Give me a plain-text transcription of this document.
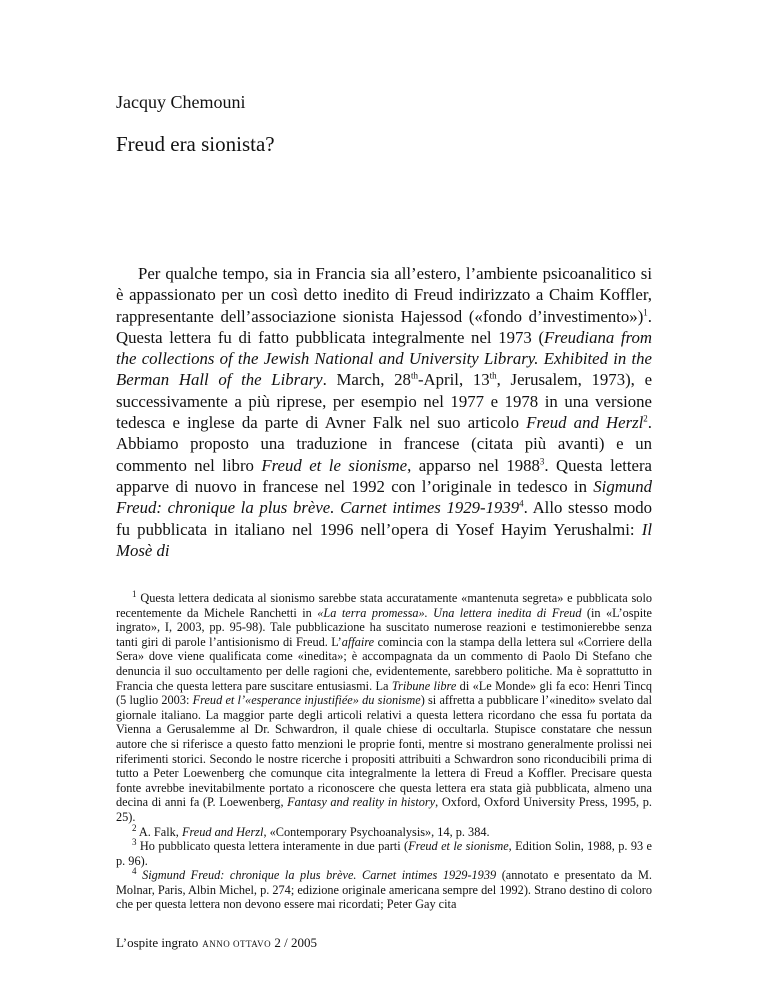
Jacquy Chemouni
Freud era sionista?

Per qualche tempo, sia in Francia sia all’estero, l’ambiente psicoanalitico si è appassionato per un così detto inedito di Freud indirizzato a Chaim Koffler, rappresentante dell’associazione sionista Hajessod («fondo d’investimento»)$^1$. Questa lettera fu di fatto pubblicata integralmente nel 1973 (Freudiana from the collections of the Jewish National and University Library. Exhibited in the Berman Hall of the Library. March, 28th-April, 13th, Jerusalem, 1973), e successivamente a più riprese, per esempio nel 1977 e 1978 in una versione tedesca e inglese da parte di Avner Falk nel suo articolo Freud and Herzl$^2$. Abbiamo proposto una traduzione in francese (citata più avanti) e un commento nel libro Freud et le sionisme, apparso nel 1988$^3$. Questa lettera apparve di nuovo in francese nel 1992 con l’originale in tedesco in Sigmund Freud: chronique la plus brève. Carnet intimes 1929-1939$^4$. Allo stesso modo fu pubblicata in italiano nel 1996 nell’opera di Yosef Hayim Yerushalmi: Il Mosè di

$^1$ Questa lettera dedicata al sionismo sarebbe stata accuratamente «mantenuta segreta» e pubblicata solo recentemente da Michele Ranchetti in «La terra promessa». Una lettera inedita di Freud (in «L’ospite ingrato», I, 2003, pp. 95-98). Tale pubblicazione ha suscitato numerose reazioni e testimonierebbe senza tanti giri di parole l’antisionismo di Freud. L’affaire comincia con la stampa della lettera sul «Corriere della Sera» dove viene qualificata come «inedita»; è accompagnata da un commento di Paolo Di Stefano che denuncia il suo occultamento per delle ragioni che, evidentemente, sarebbero politiche. Ma è soprattutto in Francia che questa lettera pare suscitare entusiasmi. La Tribune libre di «Le Monde» gli fa eco: Henri Tincq (5 luglio 2003: Freud et l’«esperance injustifiée» du sionisme) si affretta a pubblicare l’«inedito» svelato dal giornale italiano. La maggior parte degli articoli relativi a questa lettera ricordano che essa fu portata da Vienna a Gerusalemme al Dr. Schwardron, il quale chiese di occultarla. Stupisce constatare che nessun autore che si riferisce a questo fatto menzioni le proprie fonti, mentre si mostrano generalmente prolissi nei riferimenti storici. Secondo le nostre ricerche i propositi attribuiti a Schwardron sono riconducibili prima di tutto a Peter Loewenberg che comunque cita integralmente la lettera di Freud a Koffler. Precisare questa fonte avrebbe inevitabilmente portato a riconoscere che questa lettera era stata già pubblicata, almeno una decina di anni fa (P. Loewenberg, Fantasy and reality in history, Oxford, Oxford University Press, 1995, p. 25).

$^2$ A. Falk, Freud and Herzl, «Contemporary Psychoanalysis», 14, p. 384.

$^3$ Ho pubblicato questa lettera interamente in due parti (Freud et le sionisme, Edition Solin, 1988, p. 93 e p. 96).

$^4$ Sigmund Freud: chronique la plus brève. Carnet intimes 1929-1939 (annotato e presentato da M. Molnar, Paris, Albin Michel, p. 274; edizione originale americana sempre del 1992). Strano destino di coloro che per questa lettera non devono essere mai ricordati; Peter Gay cita

L’ospite ingrato ANNO OTTAVO 2 / 2005
